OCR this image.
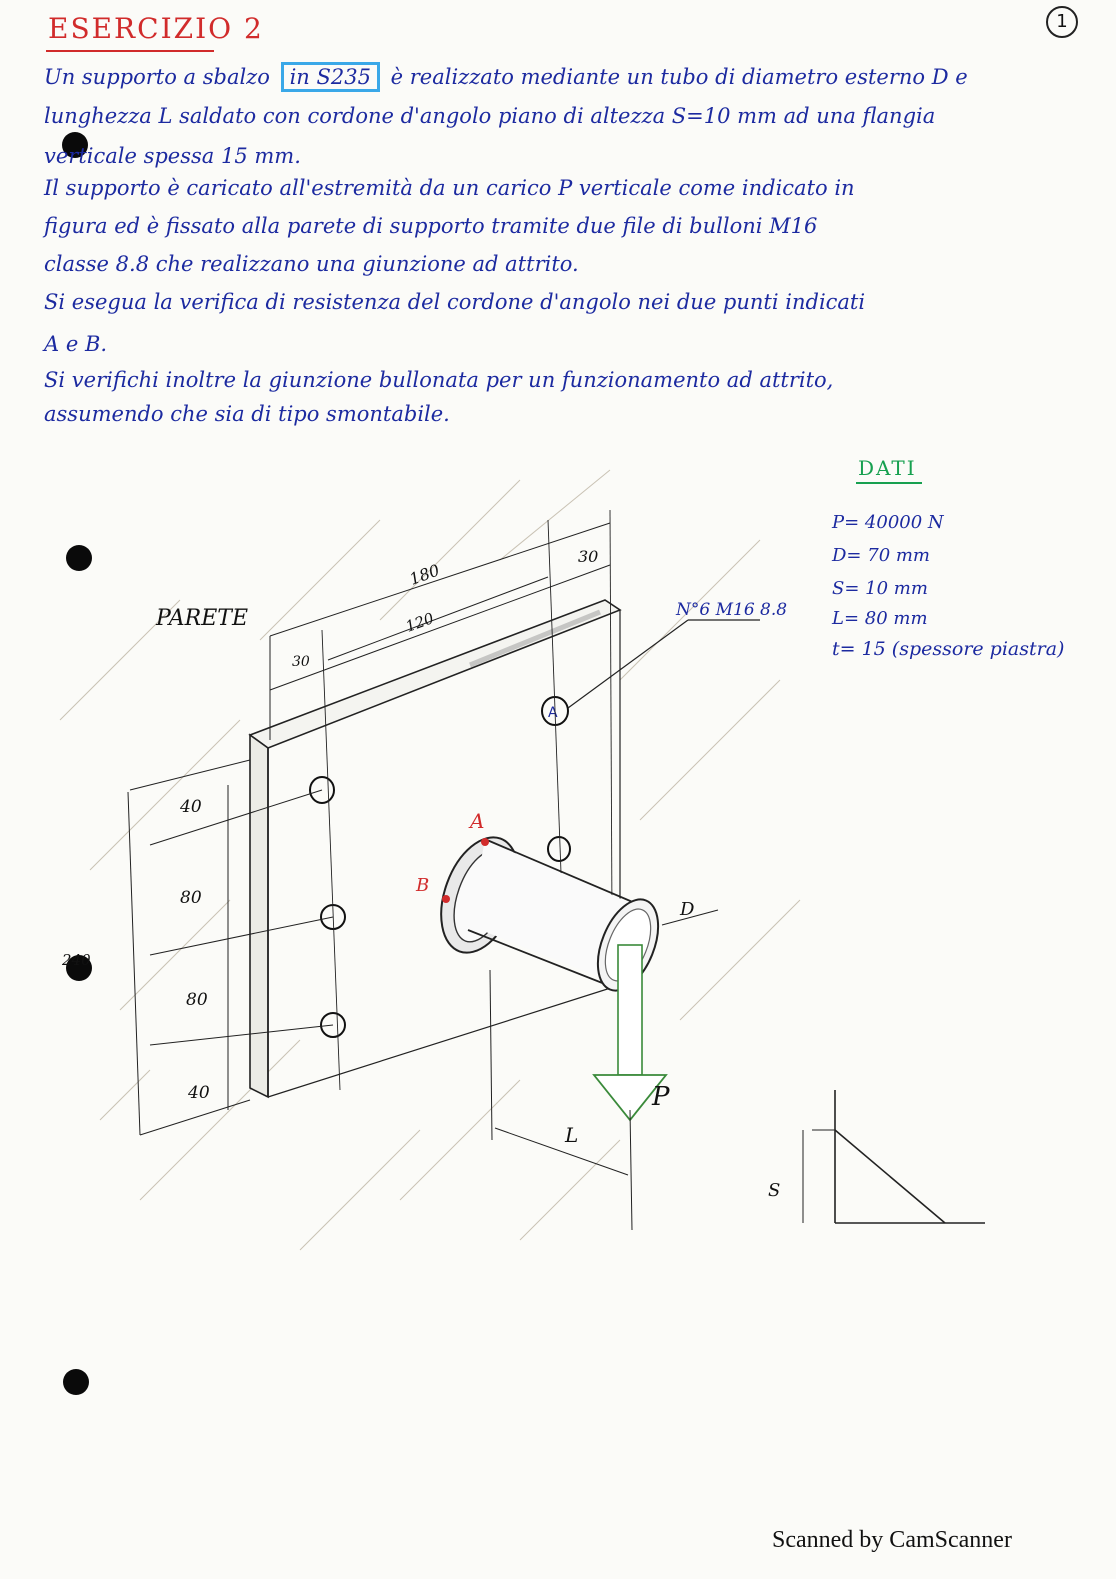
ESERCIZIO 2	1
Un supporto a sbalzo in S235 è realizzato mediante un tubo di diametro esterno D e
lunghezza L saldato con cordone d'angolo piano di altezza S=10 mm ad una flangia
verticale spessa 15 mm.
Il supporto è caricato all'estremità da un carico P verticale come indicato in
figura ed è fissato alla parete di supporto tramite due file di bulloni M16
classe 8.8 che realizzano una giunzione ad attrito.
Si esegua la verifica di resistenza del cordone d'angolo nei due punti indicati
A e B.
Si verifichi inoltre la giunzione bullonata per un funzionamento ad attrito,
assumendo che sia di tipo smontabile.
DATI
P= 40000 N
D= 70 mm
S= 10 mm
L= 80 mm
t= 15 (spessore piastra)
A
A
B
P
D
L
180
120
30
30
40
80
80
40
240
PARETE	N°6 M16 8.8
S
Scanned by CamScanner
